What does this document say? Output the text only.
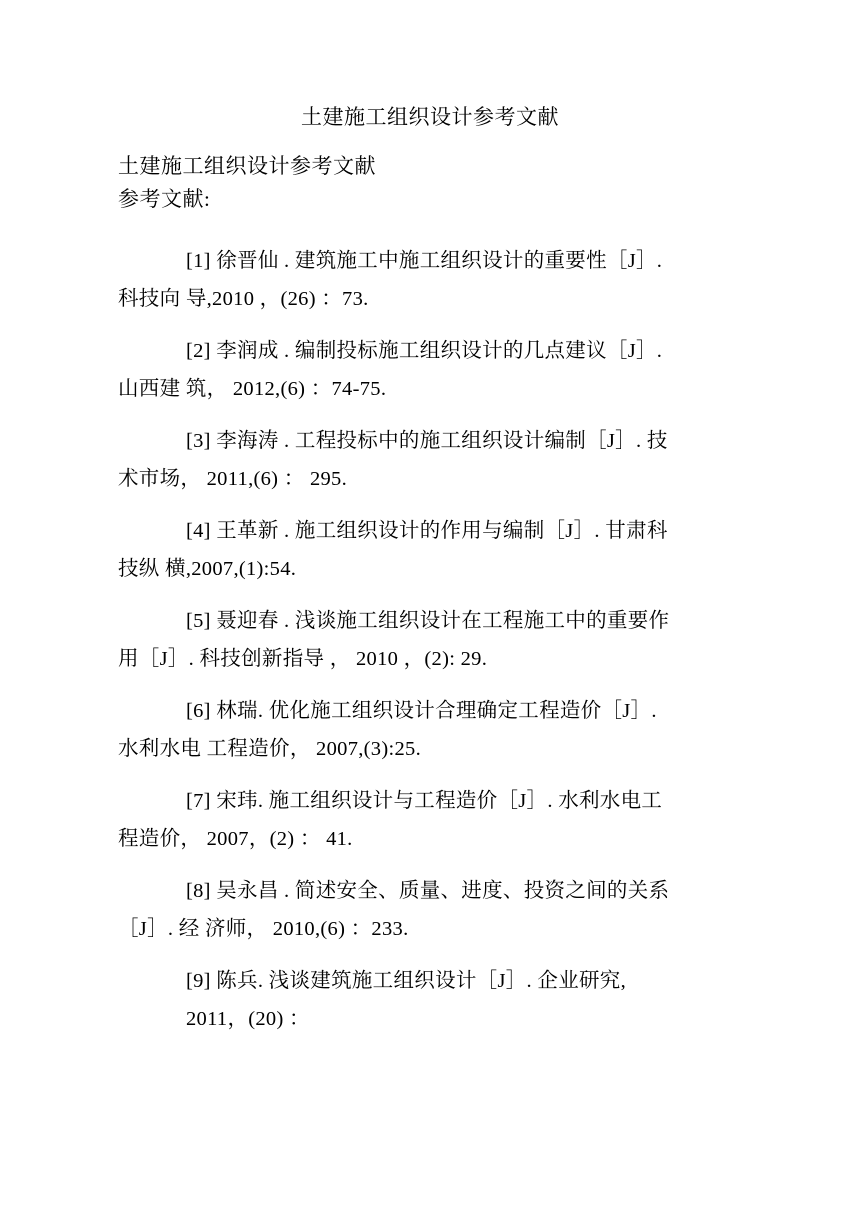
土建施工组织设计参考文献

土建施工组织设计参考文献

参考文献:

[1] 徐晋仙 . 建筑施工中施工组织设计的重要性［J］.
科技向 导,2010 ，(26) ：73.
[2] 李润成 . 编制投标施工组织设计的几点建议［J］.
山西建 筑， 2012,(6) ：74-75.
[3] 李海涛 . 工程投标中的施工组织设计编制［J］. 技
术市场， 2011,(6) ： 295.
[4] 王革新 . 施工组织设计的作用与编制［J］. 甘肃科
技纵 横,2007,(1):54.
[5] 聂迎春 . 浅谈施工组织设计在工程施工中的重要作
用［J］. 科技创新指导 ， 2010 ，(2): 29.
[6] 林瑞. 优化施工组织设计合理确定工程造价［J］.
水利水电 工程造价， 2007,(3):25.
[7] 宋玮. 施工组织设计与工程造价［J］. 水利水电工
程造价， 2007，(2) ： 41.
[8] 吴永昌 . 简述安全、质量、进度、投资之间的关系
［J］. 经 济师， 2010,(6) ：233.
[9] 陈兵. 浅谈建筑施工组织设计［J］. 企业研究,
2011，(20) ：
